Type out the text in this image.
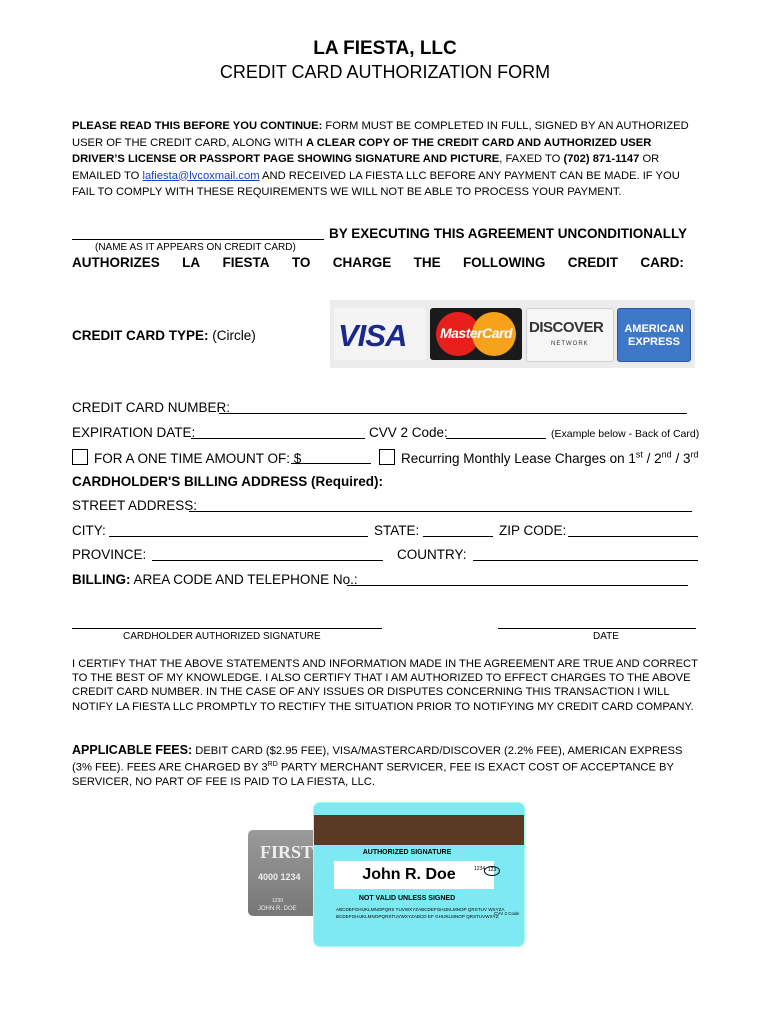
LA FIESTA, LLC
CREDIT CARD AUTHORIZATION FORM
PLEASE READ THIS BEFORE YOU CONTINUE: FORM MUST BE COMPLETED IN FULL, SIGNED BY AN AUTHORIZED USER OF THE CREDIT CARD, ALONG WITH A CLEAR COPY OF THE CREDIT CARD AND AUTHORIZED USER DRIVER’S LICENSE OR PASSPORT PAGE SHOWING SIGNATURE AND PICTURE, FAXED TO (702) 871-1147 OR EMAILED TO lafiesta@lvcoxmail.com AND RECEIVED LA FIESTA LLC BEFORE ANY PAYMENT CAN BE MADE. IF YOU FAIL TO COMPLY WITH THESE REQUIREMENTS WE WILL NOT BE ABLE TO PROCESS YOUR PAYMENT.
BY EXECUTING THIS AGREEMENT UNCONDITIONALLY
(NAME AS IT APPEARS ON CREDIT CARD)
AUTHORIZES LA FIESTA TO CHARGE THE FOLLOWING CREDIT CARD:
CREDIT CARD TYPE: (Circle)	VISA	MasterCard	DISCOVER
NETWORK
AMERICAN
EXPRESS
CREDIT CARD NUMBER:
EXPIRATION DATE:	CVV 2 Code:	(Example below - Back of Card)
FOR A ONE TIME AMOUNT OF: $	Recurring Monthly Lease Charges on 1st / 2nd / 3rd
CARDHOLDER'S BILLING ADDRESS (Required):
STREET ADDRESS:
CITY:	STATE:	ZIP CODE:
PROVINCE:	COUNTRY:
BILLING: AREA CODE AND TELEPHONE No.:
CARDHOLDER AUTHORIZED SIGNATURE	DATE
I CERTIFY THAT THE ABOVE STATEMENTS AND INFORMATION MADE IN THE AGREEMENT ARE TRUE AND CORRECT TO THE BEST OF MY KNOWLEDGE. I ALSO CERTIFY THAT I AM AUTHORIZED TO EFFECT CHARGES TO THE ABOVE CREDIT CARD NUMBER. IN THE CASE OF ANY ISSUES OR DISPUTES CONCERNING THIS TRANSACTION I WILL NOTIFY LA FIESTA LLC PROMPTLY TO RECTIFY THE SITUATION PRIOR TO NOTIFYING MY CREDIT CARD COMPANY.
APPLICABLE FEES: DEBIT CARD ($2.95 FEE), VISA/MASTERCARD/DISCOVER (2.2% FEE), AMERICAN EXPRESS (3% FEE). FEES ARE CHARGED BY 3RD PARTY MERCHANT SERVICER, FEE IS EXACT COST OF ACCEPTANCE BY SERVICER, NO PART OF FEE IS PAID TO LA FIESTA, LLC.
FIRST
4000 1234
1230
JOHN R. DOE
AUTHORIZED SIGNATURE
John R. Doe	1234 123
NOT VALID UNLESS SIGNED
ABCDEFGHIJKLMNOPQRS TUVWXYZABCDEFGHIJKLMNOP QRSTUV WXYZABCDEFGHIJKLMNOPQRSTUVWXYZABCD EF GHIJKLMNOP QRSTUVWXYZ
CVV 2 Code
